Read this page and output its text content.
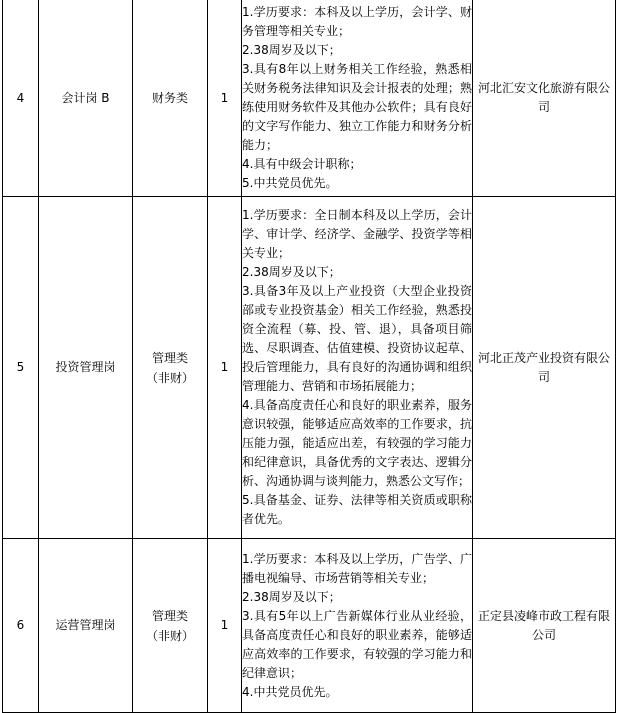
4	会计岗 B	财务类	1	1.学历要求：本科及以上学历，会计学、财务管理等相关专业；
2.38周岁及以下；
3.具有8年以上财务相关工作经验，熟悉相关财务税务法律知识及会计报表的处理；熟练使用财务软件及其他办公软件；具有良好的文字写作能力、独立工作能力和财务分析能力；
4.具有中级会计职称；
5.中共党员优先。	河北汇安文化旅游有限公司
5	投资管理岗	管理类
（非财）	1	1.学历要求：全日制本科及以上学历，会计学、审计学、经济学、金融学、投资学等相关专业；
2.38周岁及以下；
3.具备3年及以上产业投资（大型企业投资部或专业投资基金）相关工作经验，熟悉投资全流程（募、投、管、退），具备项目筛选、尽职调查、估值建模、投资协议起草、投后管理能力，具有良好的沟通协调和组织管理能力、营销和市场拓展能力；
4.具备高度责任心和良好的职业素养，服务意识较强，能够适应高效率的工作要求，抗压能力强，能适应出差，有较强的学习能力和纪律意识，具备优秀的文字表达、逻辑分析、沟通协调与谈判能力，熟悉公文写作；
5.具备基金、证券、法律等相关资质或职称者优先。	河北正茂产业投资有限公司
6	运营管理岗	管理类
（非财）	1	1.学历要求：本科及以上学历，广告学、广播电视编导、市场营销等相关专业；
2.38周岁及以下；
3.具有5年以上广告新媒体行业从业经验，具备高度责任心和良好的职业素养，能够适应高效率的工作要求，有较强的学习能力和纪律意识；
4.中共党员优先。	正定县凌峰市政工程有限公司
